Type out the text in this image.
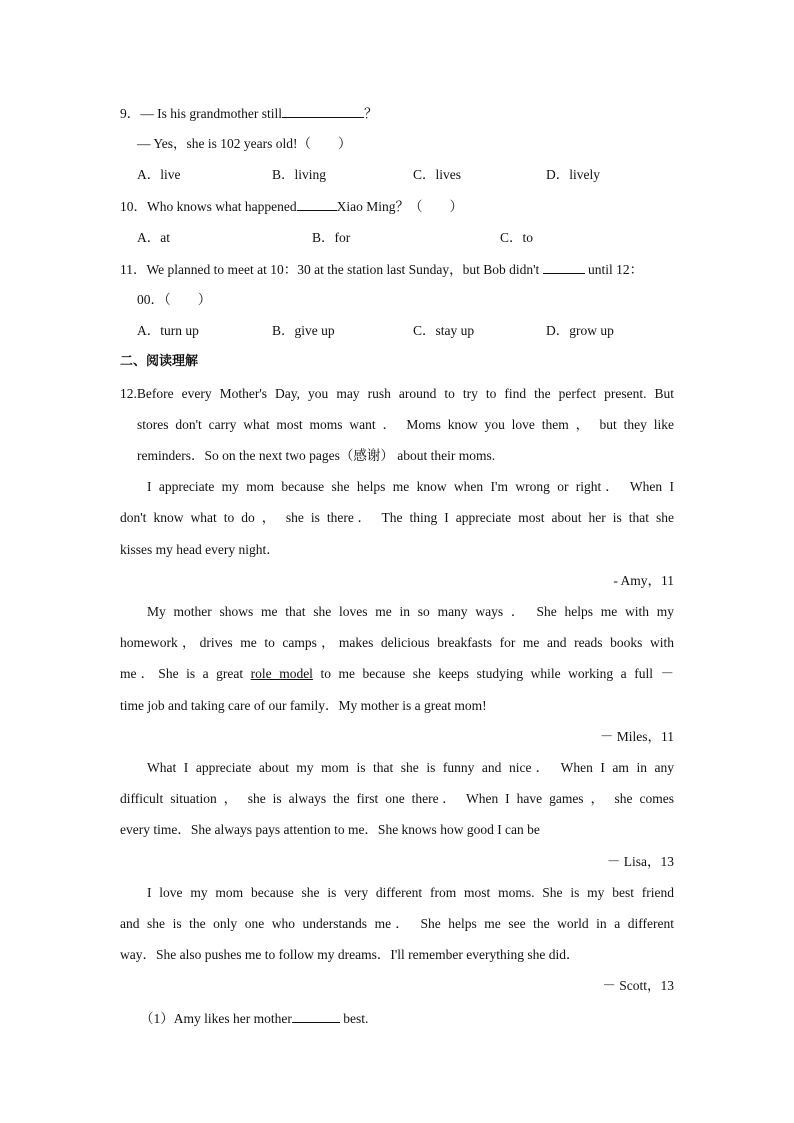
9．— Is his grandmother still	？
— Yes，she is 102 years old!（　　）
A．live	B．living	C．lives	D．lively
10．Who knows what happened	Xiao Ming？（　　）
A．at	B．for	C．to
11．We planned to meet at 10：30 at the station last Sunday，but Bob didn't	until 12：
00．（　　）
A．turn up	B．give up	C．stay up	D．grow up
二、阅读理解
12.Before every Mother's Day, you may rush around to try to find the perfect present. But
stores don't carry what most moms want ． Moms know you love them ， but they like
reminders．So on the next two pages（感谢） about their moms.
I appreciate my mom because she helps me know when I'm wrong or right． When I
don't know what to do ， she is there． The thing I appreciate most about her is that she
kisses my head every night．
- Amy，11
My mother shows me that she loves me in so many ways ． She helps me with my
homework，drives me to camps，makes delicious breakfasts for me and reads books with
me．She is a great role model to me because she keeps studying while working a full －
time job and taking care of our family．My mother is a great mom!
－ Miles，11
What I appreciate about my mom is that she is funny and nice． When I am in any
difficult situation ， she is always the first one there． When I have games ， she comes
every time．She always pays attention to me．She knows how good I can be
－ Lisa，13
I love my mom because she is very different from most moms. She is my best friend
and she is the only one who understands me． She helps me see the world in a different
way．She also pushes me to follow my dreams．I'll remember everything she did．
－ Scott，13
（1）Amy likes her mother	best.
